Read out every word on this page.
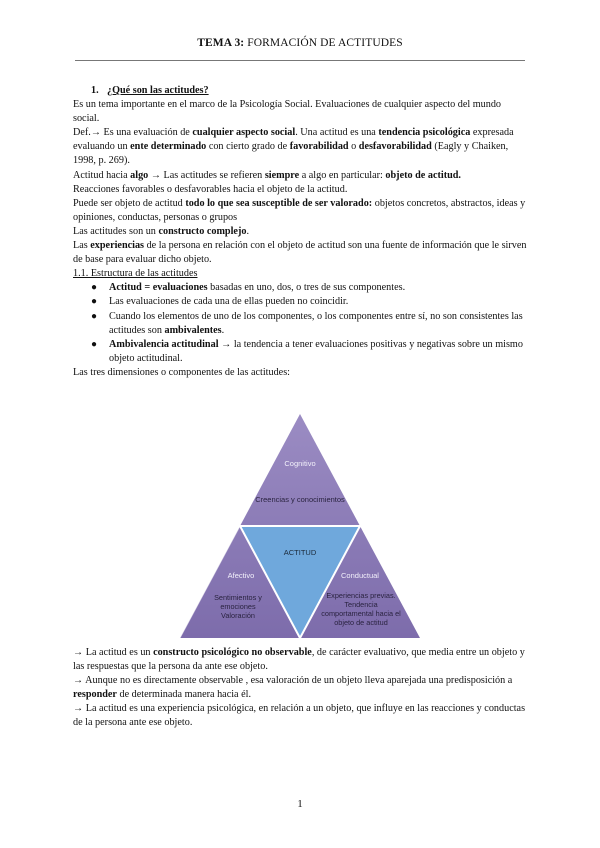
TEMA 3: FORMACIÓN DE ACTITUDES

1. ¿Qué son las actitudes?

Es un tema importante en el marco de la Psicología Social. Evaluaciones de cualquier aspecto del mundo social.

Def.→ Es una evaluación de cualquier aspecto social. Una actitud es una tendencia psicológica expresada evaluando un ente determinado con cierto grado de favorabilidad o desfavorabilidad (Eagly y Chaiken, 1998, p. 269).

Actitud hacia algo → Las actitudes se refieren siempre a algo en particular: objeto de actitud.

Reacciones favorables o desfavorables hacia el objeto de la actitud.

Puede ser objeto de actitud todo lo que sea susceptible de ser valorado: objetos concretos, abstractos, ideas y opiniones, conductas, personas o grupos

Las actitudes son un constructo complejo.

Las experiencias de la persona en relación con el objeto de actitud son una fuente de información que le sirven de base para evaluar dicho objeto.

1.1. Estructura de las actitudes

● Actitud = evaluaciones basadas en uno, dos, o tres de sus componentes.
● Las evaluaciones de cada una de ellas pueden no coincidir.
● Cuando los elementos de uno de los componentes, o los componentes entre sí, no son consistentes las actitudes son ambivalentes.
● Ambivalencia actitudinal → la tendencia a tener evaluaciones positivas y negativas sobre un mismo objeto actitudinal.

Las tres dimensiones o componentes de las actitudes:

Cognitivo
Creencias y conocimientos
ACTITUD
Afectivo
Sentimientos y
emociones
Valoración
Conductual
Experiencias previas.
Tendencia
comportamental hacia el
objeto de actitud

→ La actitud es un constructo psicológico no observable, de carácter evaluativo, que media entre un objeto y las respuestas que la persona da ante ese objeto.

→ Aunque no es directamente observable , esa valoración de un objeto lleva aparejada una predisposición a responder de determinada manera hacia él.

→ La actitud es una experiencia psicológica, en relación a un objeto, que influye en las reacciones y conductas de la persona ante ese objeto.

1
